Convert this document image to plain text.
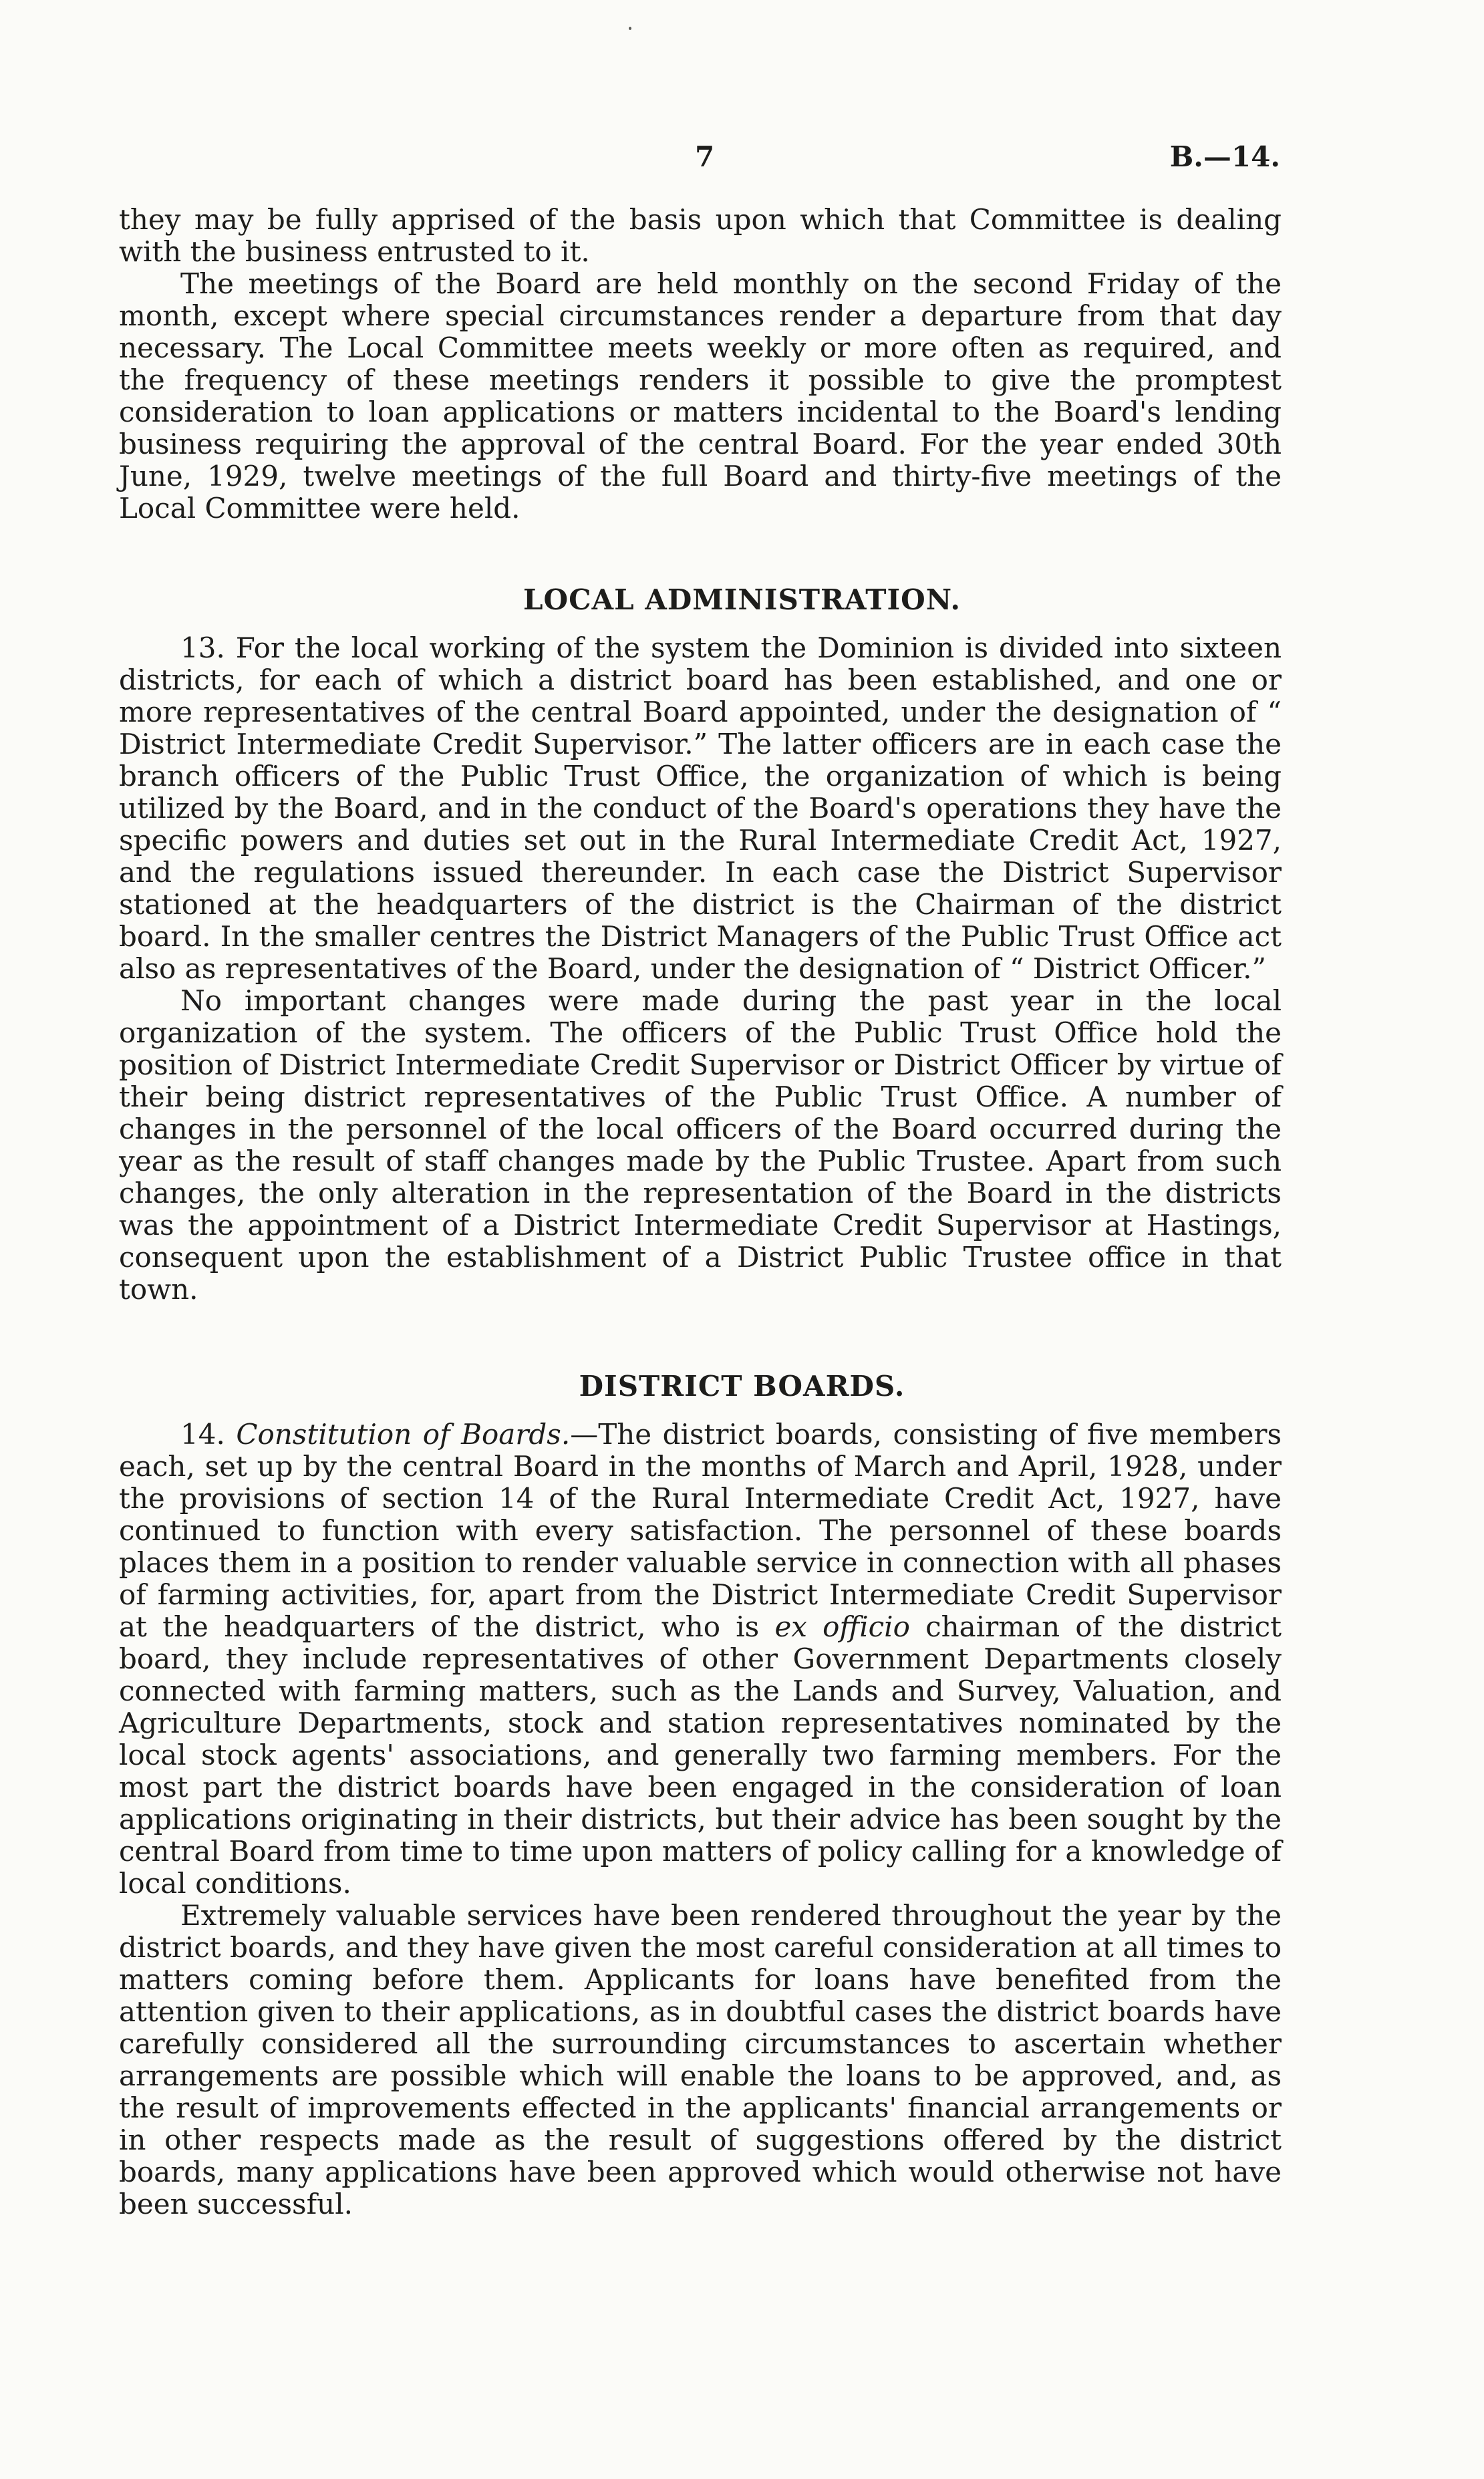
7	B.—14.

they may be fully apprised of the basis upon which that Committee is dealing with the business entrusted to it.

The meetings of the Board are held monthly on the second Friday of the month, except where special circumstances render a departure from that day necessary. The Local Committee meets weekly or more often as required, and the frequency of these meetings renders it possible to give the promptest consideration to loan applications or matters incidental to the Board's lending business requiring the approval of the central Board. For the year ended 30th June, 1929, twelve meetings of the full Board and thirty-five meetings of the Local Committee were held.

LOCAL ADMINISTRATION.

13. For the local working of the system the Dominion is divided into sixteen districts, for each of which a district board has been established, and one or more representatives of the central Board appointed, under the designation of “ District Intermediate Credit Supervisor.” The latter officers are in each case the branch officers of the Public Trust Office, the organization of which is being utilized by the Board, and in the conduct of the Board's operations they have the specific powers and duties set out in the Rural Intermediate Credit Act, 1927, and the regulations issued thereunder. In each case the District Supervisor stationed at the headquarters of the district is the Chairman of the district board. In the smaller centres the District Managers of the Public Trust Office act also as representatives of the Board, under the designation of “ District Officer.”

No important changes were made during the past year in the local organization of the system. The officers of the Public Trust Office hold the position of District Intermediate Credit Supervisor or District Officer by virtue of their being district representatives of the Public Trust Office. A number of changes in the personnel of the local officers of the Board occurred during the year as the result of staff changes made by the Public Trustee. Apart from such changes, the only alteration in the representation of the Board in the districts was the appointment of a District Intermediate Credit Supervisor at Hastings, consequent upon the establishment of a District Public Trustee office in that town.

DISTRICT BOARDS.

14. Constitution of Boards.—The district boards, consisting of five members each, set up by the central Board in the months of March and April, 1928, under the provisions of section 14 of the Rural Intermediate Credit Act, 1927, have continued to function with every satisfaction. The personnel of these boards places them in a position to render valuable service in connection with all phases of farming activities, for, apart from the District Intermediate Credit Supervisor at the headquarters of the district, who is ex officio chairman of the district board, they include representatives of other Government Departments closely connected with farming matters, such as the Lands and Survey, Valuation, and Agriculture Departments, stock and station representatives nominated by the local stock agents' associations, and generally two farming members. For the most part the district boards have been engaged in the consideration of loan applications originating in their districts, but their advice has been sought by the central Board from time to time upon matters of policy calling for a knowledge of local conditions.

Extremely valuable services have been rendered throughout the year by the district boards, and they have given the most careful consideration at all times to matters coming before them. Applicants for loans have benefited from the attention given to their applications, as in doubtful cases the district boards have carefully considered all the surrounding circumstances to ascertain whether arrangements are possible which will enable the loans to be approved, and, as the result of improvements effected in the applicants' financial arrangements or in other respects made as the result of suggestions offered by the district boards, many applications have been approved which would otherwise not have been successful.
